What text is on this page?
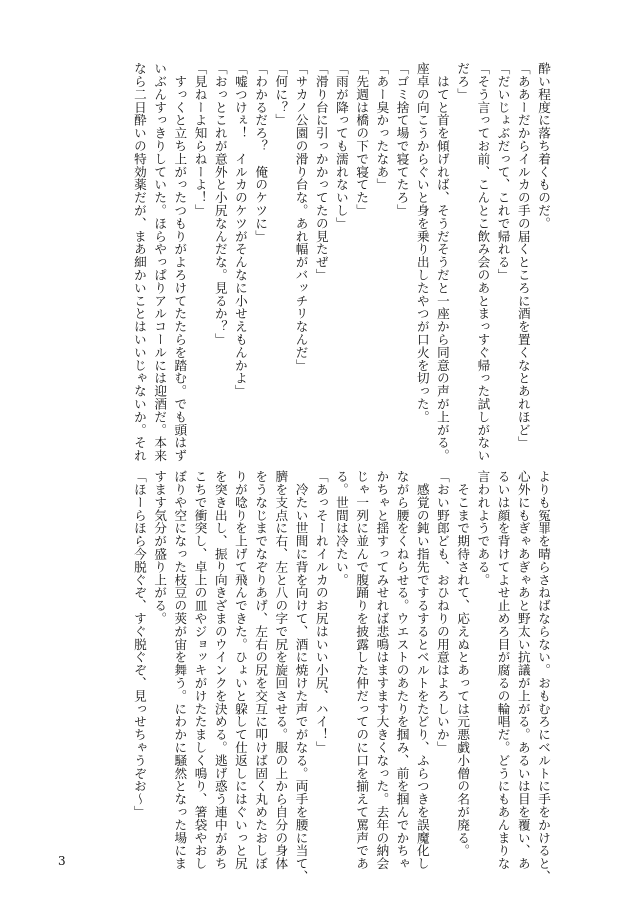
酔い程度に落ち着くものだ。
「ああーだからイルカの手の届くところに酒を置くなとあれほど」
「だいじょぶだって、これで帰れる」
「そう言ってお前、こんとこ飲み会のあとまっすぐ帰った試しがない
だろ」
　はてと首を傾げれば、そうだそうだと一座から同意の声が上がる。
座卓の向こうからぐいと身を乗り出したやつが口火を切った。
「ゴミ捨て場で寝てたろ」
「あー臭かったなあ」
「先週は橋の下で寝てた」
「雨が降っても濡れないし」
「滑り台に引っかかってたの見たぜ」
「サカノ公園の滑り台な。あれ幅がバッチリなんだ」
「何に？」
「わかるだろ？　俺のケツに」
「嘘つけぇ！　イルカのケツがそんなに小せえもんかよ」
「おっとこれが意外と小尻なんだな。見るか？」
「見ねーよ知らねーよ！」
　すっくと立ち上がったつもりがよろけてたたらを踏む。でも頭はず
いぶんすっきりしていた。ほらやっぱりアルコールには迎酒だ。本来
なら二日酔いの特効薬だが、まあ細かいことはいいじゃないか。それ
よりも冤罪を晴らさねばならない。おもむろにベルトに手をかけると、
心外にもぎゃあぎゃあと野太い抗議が上がる。あるいは目を覆い、あ
るいは顔を背けてよせ止めろ目が腐るの輪唱だ。どうにもあんまりな
言われようである。
　そこまで期待されて、応えぬとあっては元悪戯小僧の名が廃る。
「おい野郎ども、おひねりの用意はよろしいか」
　感覚の鈍い指先でするするとベルトをたどり、ふらつきを誤魔化し
ながら腰をくねらせる。ウエストのあたりを掴み、前を掴んでかちゃ
かちゃと揺すってみせれば悲鳴はますます大きくなった。去年の納会
じゃ一列に並んで腹踊りを披露した仲だってのに口を揃えて罵声であ
る。世間は冷たい。
「あっそーれイルカのお尻はいい小尻、ハイ！」
　冷たい世間に背を向けて、酒に焼けた声でがなる。両手を腰に当て、
臍を支点に右、左と八の字で尻を旋回させる。服の上から自分の身体
をうなじまでなぞりあげ、左右の尻を交互に叩けば固く丸めたおしぼ
りが唸りを上げて飛んできた。ひょいと躱して仕返しにはぐいっと尻
を突き出し、振り向きざまのウインクを決める。逃げ惑う連中があち
こちで衝突し、卓上の皿やジョッキがけたたましく鳴り、箸袋やおし
ぼりや空になった枝豆の莢が宙を舞う。にわかに騒然となった場にま
すます気分が盛り上がる。
「ほーらほら今脱ぐぞ、すぐ脱ぐぞ、見っせちゃうぞお〜」
3
